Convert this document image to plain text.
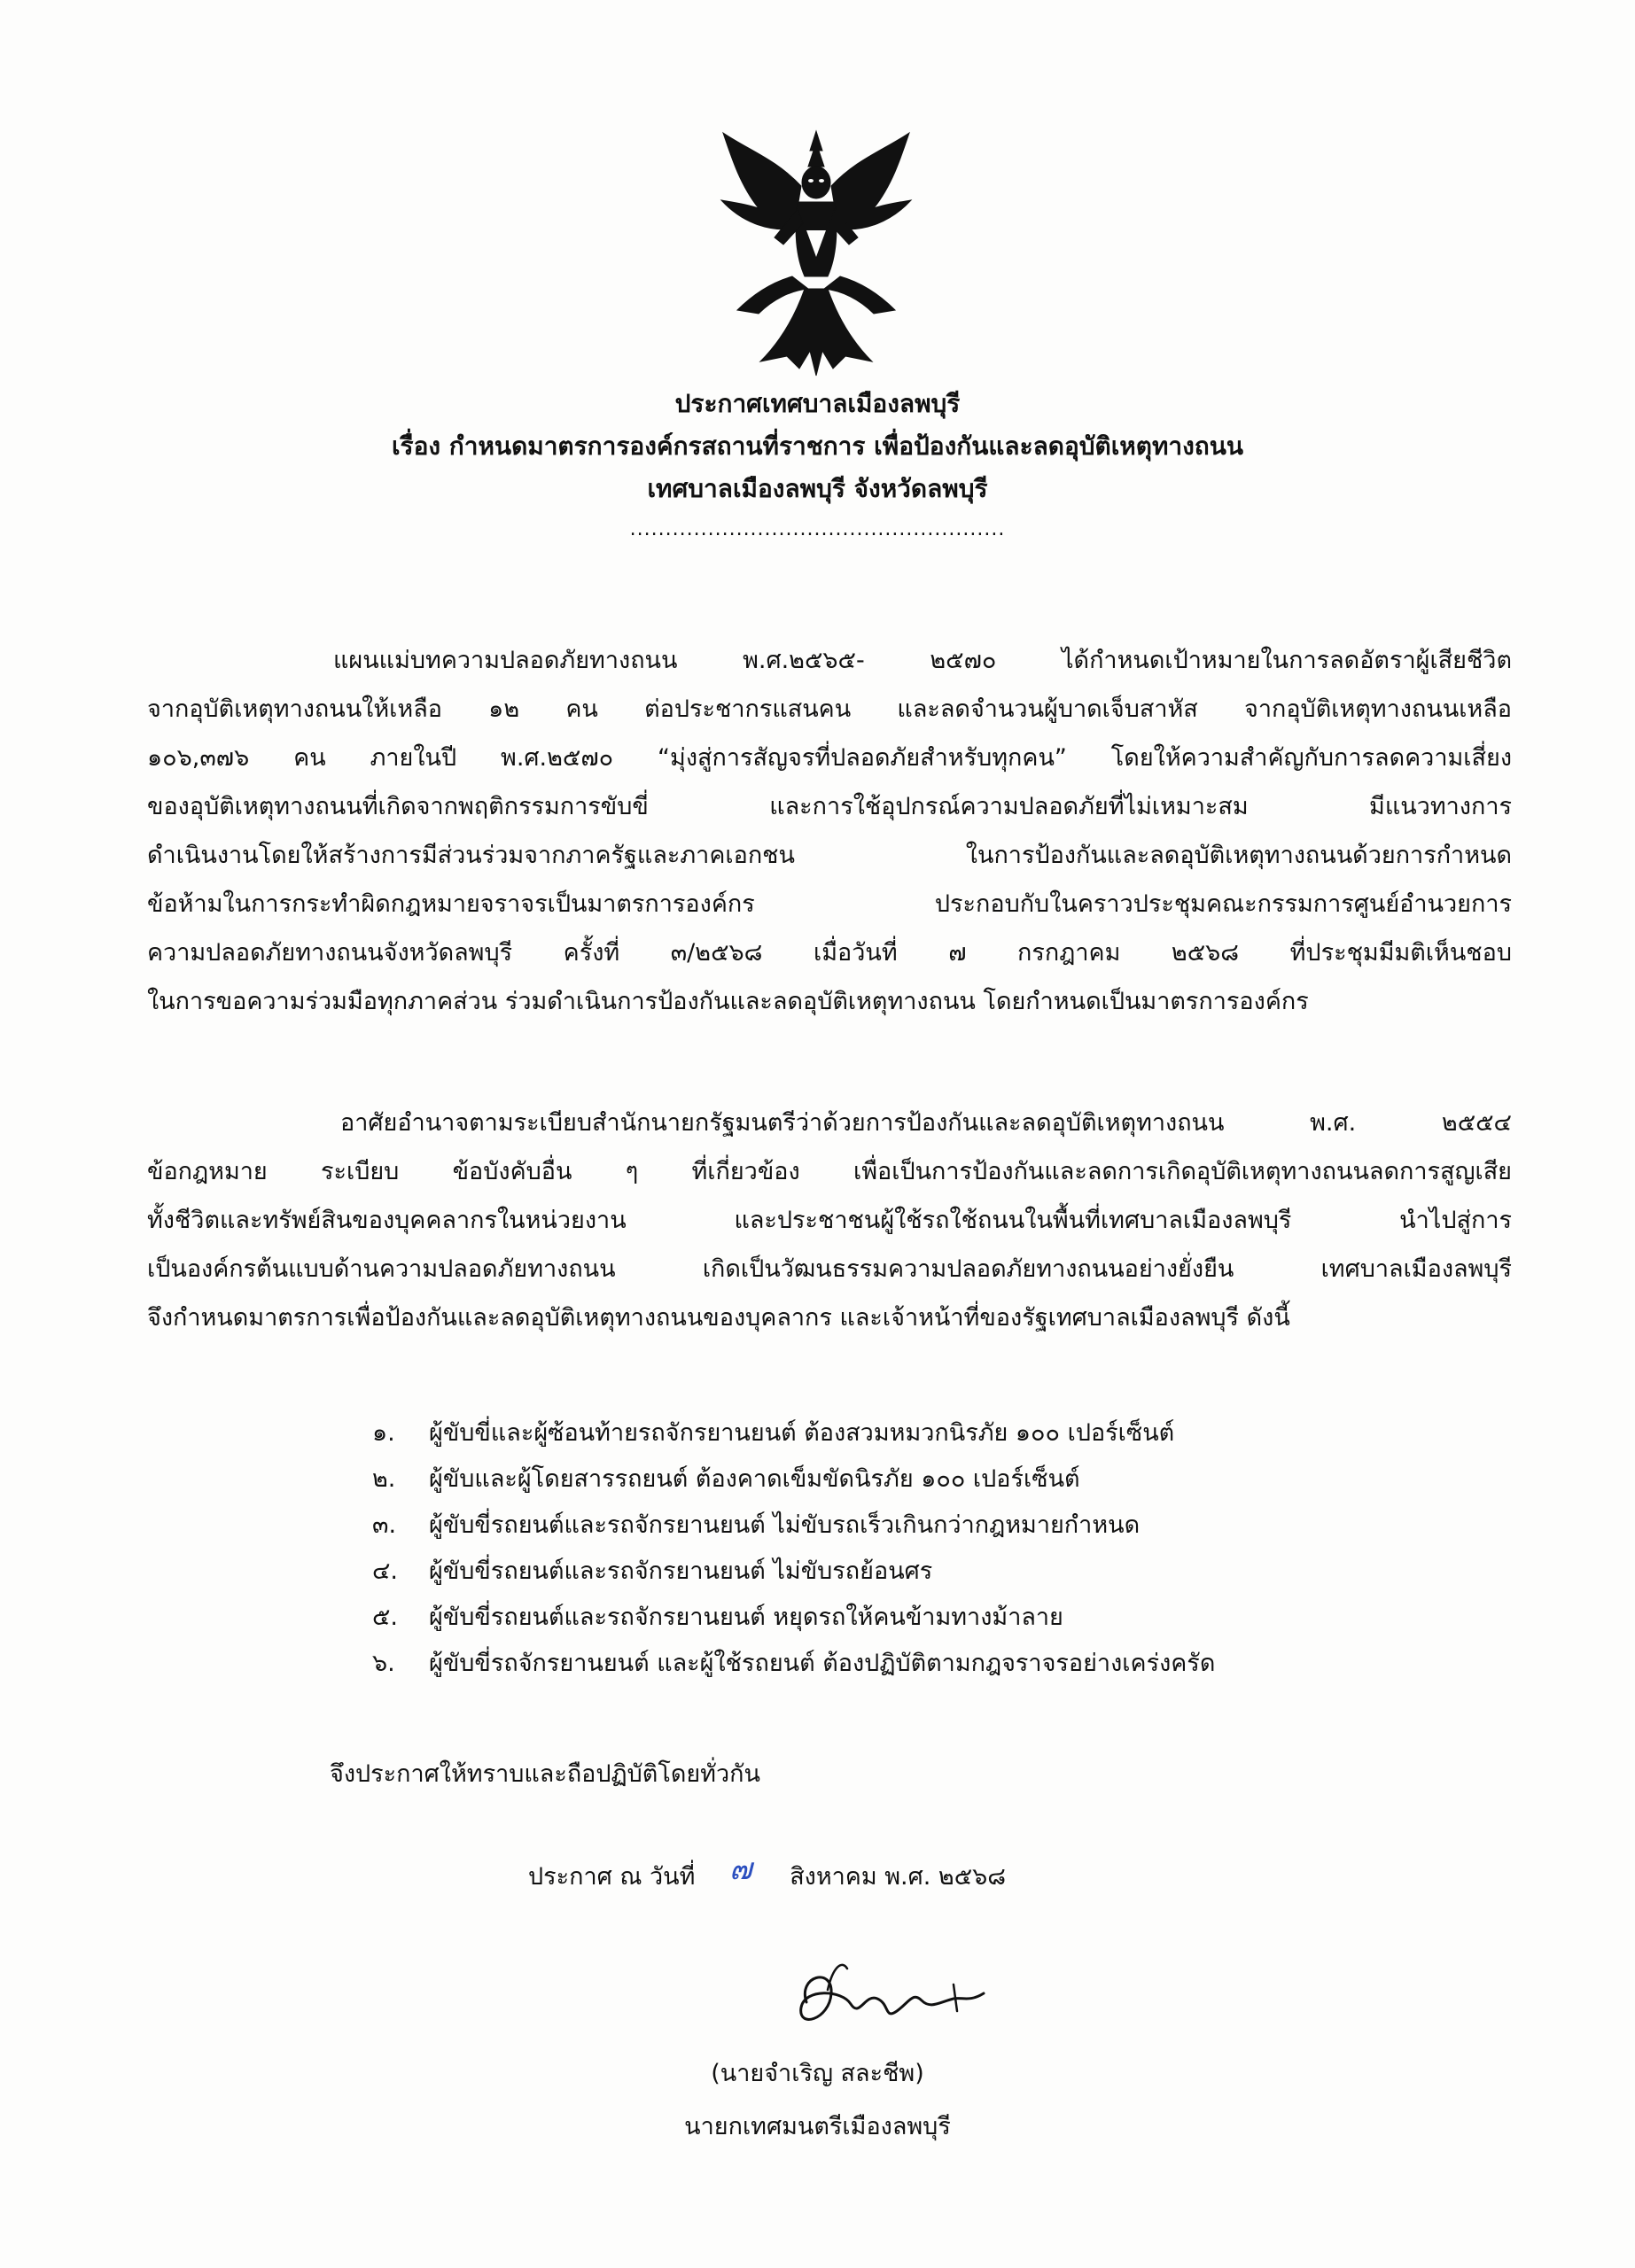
ประกาศเทศบาลเมืองลพบุรี
เรื่อง กำหนดมาตรการองค์กรสถานที่ราชการ เพื่อป้องกันและลดอุบัติเหตุทางถนน
เทศบาลเมืองลพบุรี จังหวัดลพบุรี
.....................................................
แผนแม่บทความปลอดภัยทางถนน พ.ศ.๒๕๖๕- ๒๕๗๐ ได้กำหนดเป้าหมายในการลดอัตราผู้เสียชีวิต
จากอุบัติเหตุทางถนนให้เหลือ ๑๒ คน ต่อประชากรแสนคน และลดจำนวนผู้บาดเจ็บสาหัส จากอุบัติเหตุทางถนนเหลือ
๑๐๖,๓๗๖ คน ภายในปี พ.ศ.๒๕๗๐ “มุ่งสู่การสัญจรที่ปลอดภัยสำหรับทุกคน” โดยให้ความสำคัญกับการลดความเสี่ยง
ของอุบัติเหตุทางถนนที่เกิดจากพฤติกรรมการขับขี่ และการใช้อุปกรณ์ความปลอดภัยที่ไม่เหมาะสม มีแนวทางการ
ดำเนินงานโดยให้สร้างการมีส่วนร่วมจากภาครัฐและภาคเอกชน ในการป้องกันและลดอุบัติเหตุทางถนนด้วยการกำหนด
ข้อห้ามในการกระทำผิดกฎหมายจราจรเป็นมาตรการองค์กร ประกอบกับในคราวประชุมคณะกรรมการศูนย์อำนวยการ
ความปลอดภัยทางถนนจังหวัดลพบุรี ครั้งที่ ๓/๒๕๖๘ เมื่อวันที่ ๗ กรกฎาคม ๒๕๖๘ ที่ประชุมมีมติเห็นชอบ
ในการขอความร่วมมือทุกภาคส่วน ร่วมดำเนินการป้องกันและลดอุบัติเหตุทางถนน โดยกำหนดเป็นมาตรการองค์กร
อาศัยอำนาจตามระเบียบสำนักนายกรัฐมนตรีว่าด้วยการป้องกันและลดอุบัติเหตุทางถนน พ.ศ. ๒๕๕๔
ข้อกฎหมาย ระเบียบ ข้อบังคับอื่น ๆ ที่เกี่ยวข้อง เพื่อเป็นการป้องกันและลดการเกิดอุบัติเหตุทางถนนลดการสูญเสีย
ทั้งชีวิตและทรัพย์สินของบุคคลากรในหน่วยงาน และประชาชนผู้ใช้รถใช้ถนนในพื้นที่เทศบาลเมืองลพบุรี นำไปสู่การ
เป็นองค์กรต้นแบบด้านความปลอดภัยทางถนน เกิดเป็นวัฒนธรรมความปลอดภัยทางถนนอย่างยั่งยืน เทศบาลเมืองลพบุรี
จึงกำหนดมาตรการเพื่อป้องกันและลดอุบัติเหตุทางถนนของบุคลากร และเจ้าหน้าที่ของรัฐเทศบาลเมืองลพบุรี ดังนี้
๑. ผู้ขับขี่และผู้ซ้อนท้ายรถจักรยานยนต์ ต้องสวมหมวกนิรภัย ๑๐๐ เปอร์เซ็นต์
๒. ผู้ขับและผู้โดยสารรถยนต์ ต้องคาดเข็มขัดนิรภัย ๑๐๐ เปอร์เซ็นต์
๓. ผู้ขับขี่รถยนต์และรถจักรยานยนต์ ไม่ขับรถเร็วเกินกว่ากฎหมายกำหนด
๔. ผู้ขับขี่รถยนต์และรถจักรยานยนต์ ไม่ขับรถย้อนศร
๕. ผู้ขับขี่รถยนต์และรถจักรยานยนต์ หยุดรถให้คนข้ามทางม้าลาย
๖. ผู้ขับขี่รถจักรยานยนต์ และผู้ใช้รถยนต์ ต้องปฏิบัติตามกฎจราจรอย่างเคร่งครัด
จึงประกาศให้ทราบและถือปฏิบัติโดยทั่วกัน
ประกาศ ณ วันที่ ๗ สิงหาคม พ.ศ. ๒๕๖๘
(นายจำเริญ สละชีพ)
นายกเทศมนตรีเมืองลพบุรี
